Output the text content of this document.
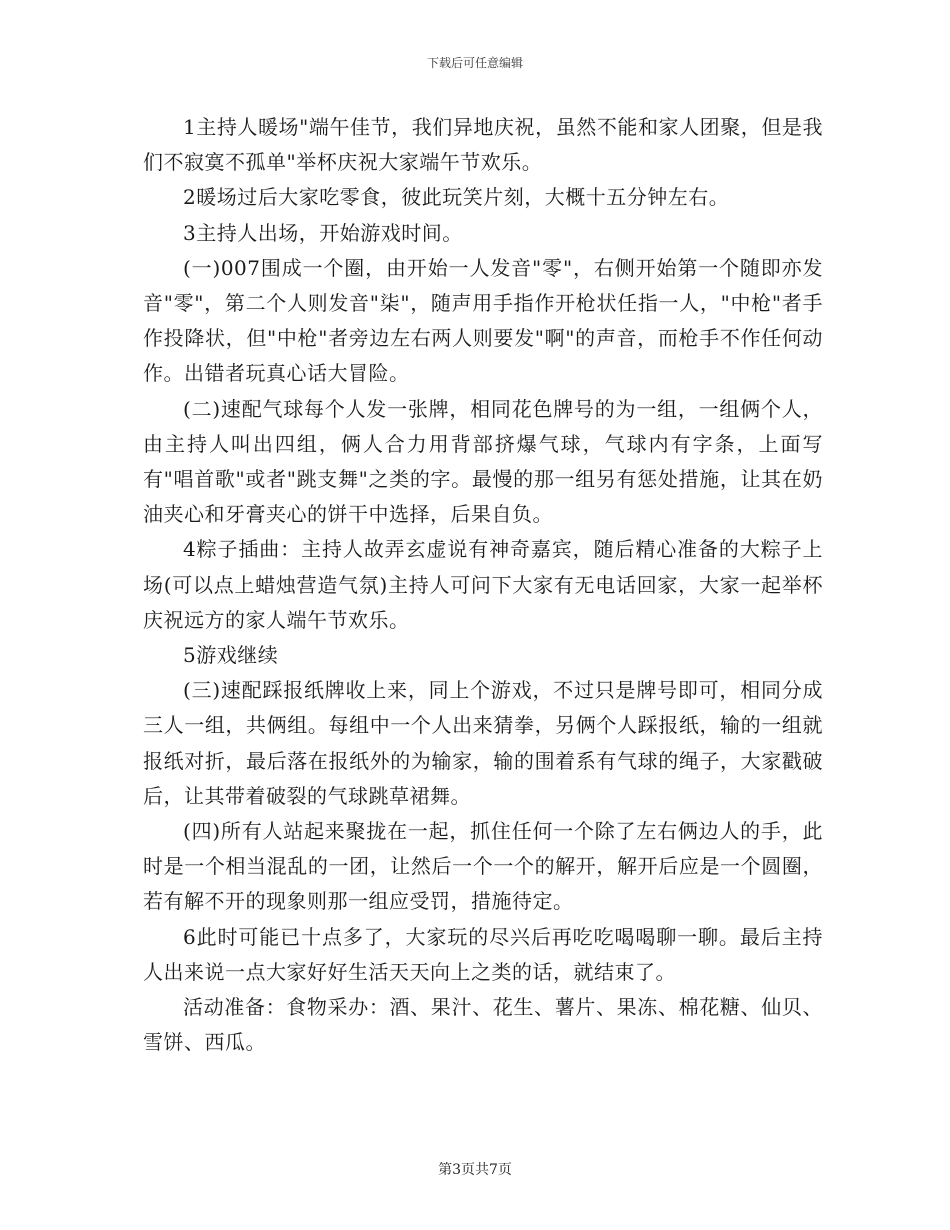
下载后可任意编辑

1主持人暖场"端午佳节，我们异地庆祝，虽然不能和家人团聚，但是我们不寂寞不孤单"举杯庆祝大家端午节欢乐。

2暖场过后大家吃零食，彼此玩笑片刻，大概十五分钟左右。

3主持人出场，开始游戏时间。

(一)007围成一个圈，由开始一人发音"零"，右侧开始第一个随即亦发音"零"，第二个人则发音"柒"，随声用手指作开枪状任指一人，"中枪"者手作投降状，但"中枪"者旁边左右两人则要发"啊"的声音，而枪手不作任何动作。出错者玩真心话大冒险。

(二)速配气球每个人发一张牌，相同花色牌号的为一组，一组俩个人，由主持人叫出四组，俩人合力用背部挤爆气球，气球内有字条，上面写有"唱首歌"或者"跳支舞"之类的字。最慢的那一组另有惩处措施，让其在奶油夹心和牙膏夹心的饼干中选择，后果自负。

4粽子插曲：主持人故弄玄虚说有神奇嘉宾，随后精心准备的大粽子上场(可以点上蜡烛营造气氛)主持人可问下大家有无电话回家，大家一起举杯庆祝远方的家人端午节欢乐。

5游戏继续

(三)速配踩报纸牌收上来，同上个游戏，不过只是牌号即可，相同分成三人一组，共俩组。每组中一个人出来猜拳，另俩个人踩报纸，输的一组就报纸对折，最后落在报纸外的为输家，输的围着系有气球的绳子，大家戳破后，让其带着破裂的气球跳草裙舞。

(四)所有人站起来聚拢在一起，抓住任何一个除了左右俩边人的手，此时是一个相当混乱的一团，让然后一个一个的解开，解开后应是一个圆圈，若有解不开的现象则那一组应受罚，措施待定。

6此时可能已十点多了，大家玩的尽兴后再吃吃喝喝聊一聊。最后主持人出来说一点大家好好生活天天向上之类的话，就结束了。

活动准备：食物采办：酒、果汁、花生、薯片、果冻、棉花糖、仙贝、雪饼、西瓜。

第3页共7页
